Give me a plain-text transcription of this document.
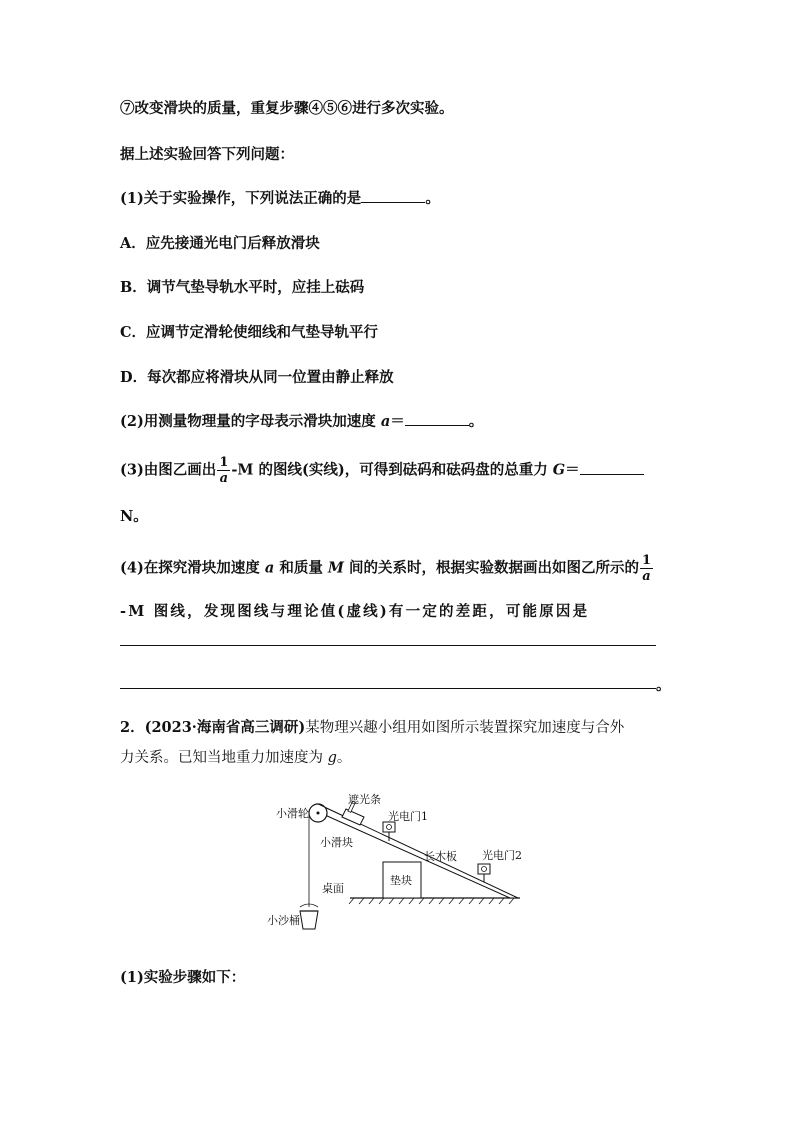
⑦改变滑块的质量，重复步骤④⑤⑥进行多次实验。
据上述实验回答下列问题：
(1)关于实验操作，下列说法正确的是	。
A．应先接通光电门后释放滑块
B．调节气垫导轨水平时，应挂上砝码
C．应调节定滑轮使细线和气垫导轨平行
D．每次都应将滑块从同一位置由静止释放
(2)用测量物理量的字母表示滑块加速度 a＝	。
(3)由图乙画出 $\frac{1}{a} -M$ 的图线(实线)，可得到砝码和砝码盘的总重力 G＝
N。
(4)在探究滑块加速度 a 和质量 M 间的关系时，根据实验数据画出如图乙所示的 $\frac{1}{a}$
-M 图线，发现图线与理论值(虚线)有一定的差距，可能原因是
。
2．(2023·海南省高三调研)某物理兴趣小组用如图所示装置探究加速度与合外
力关系。已知当地重力加速度为 g。
垫块
小滑轮
遮光条
光电门1
小滑块
长木板 光电门2
桌面
小沙桶
(1)实验步骤如下：
